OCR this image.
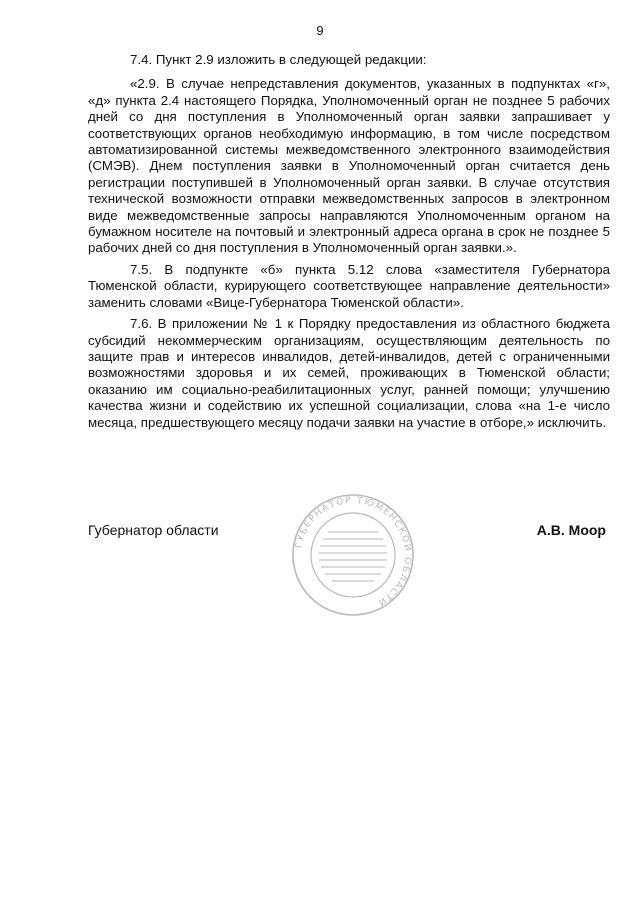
9

7.4. Пункт 2.9 изложить в следующей редакции:

«2.9. В случае непредставления документов, указанных в подпунктах «г», «д» пункта 2.4 настоящего Порядка, Уполномоченный орган не позднее 5 рабочих дней со дня поступления в Уполномоченный орган заявки запрашивает у соответствующих органов необходимую информацию, в том числе посредством автоматизированной системы межведомственного электронного взаимодействия (СМЭВ). Днем поступления заявки в Уполномоченный орган считается день регистрации поступившей в Уполномоченный орган заявки. В случае отсутствия технической возможности отправки межведомственных запросов в электронном виде межведомственные запросы направляются Уполномоченным органом на бумажном носителе на почтовый и электронный адреса органа в срок не позднее 5 рабочих дней со дня поступления в Уполномоченный орган заявки.».

7.5. В подпункте «б» пункта 5.12 слова «заместителя Губернатора Тюменской области, курирующего соответствующее направление деятельности» заменить словами «Вице-Губернатора Тюменской области».

7.6. В приложении № 1 к Порядку предоставления из областного бюджета субсидий некоммерческим организациям, осуществляющим деятельность по защите прав и интересов инвалидов, детей-инвалидов, детей с ограниченными возможностями здоровья и их семей, проживающих в Тюменской области; оказанию им социально-реабилитационных услуг, ранней помощи; улучшению качества жизни и содействию их успешной социализации, слова «на 1-е число месяца, предшествующего месяцу подачи заявки на участие в отборе,» исключить.

Губернатор области
ГУБЕРНАТОР ТЮМЕНСКОЙ ОБЛАСТИ
А.В. Моор
